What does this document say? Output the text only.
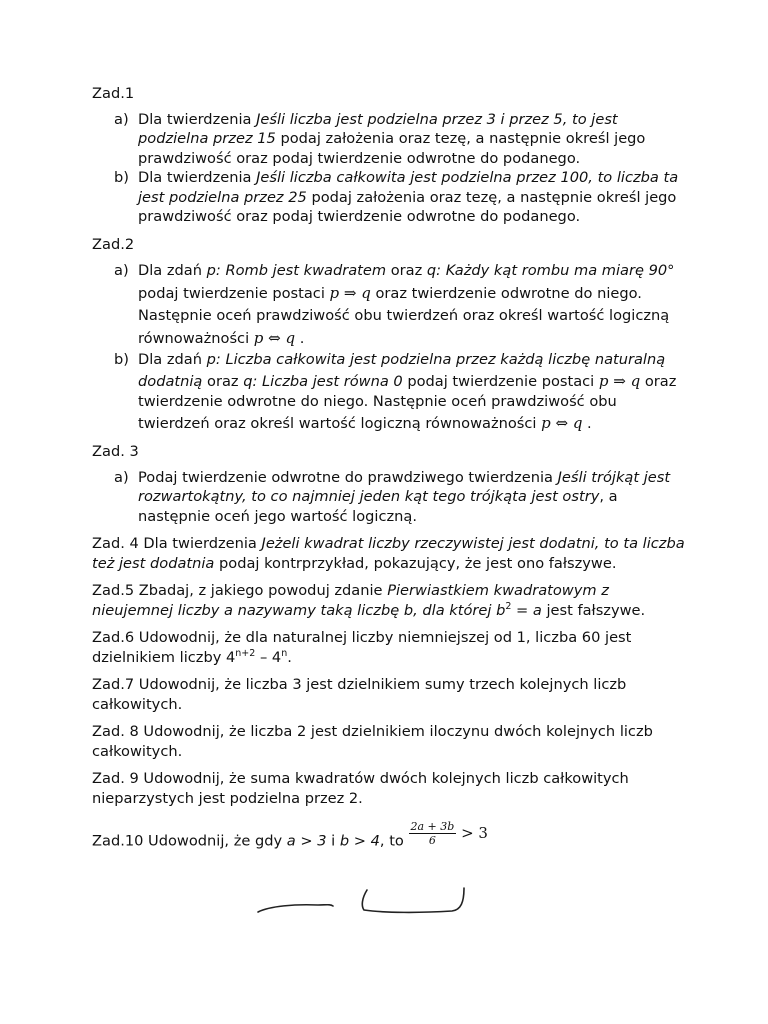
Zad.1

a) Dla twierdzenia Jeśli liczba jest podzielna przez 3 i przez 5, to jest podzielna przez 15 podaj założenia oraz tezę, a następnie określ jego prawdziwość oraz podaj twierdzenie odwrotne do podanego.

b) Dla twierdzenia Jeśli liczba całkowita jest podzielna przez 100, to liczba ta jest podzielna przez 25 podaj założenia oraz tezę, a następnie określ jego prawdziwość oraz podaj twierdzenie odwrotne do podanego.

Zad.2

a) Dla zdań p: Romb jest kwadratem oraz q: Każdy kąt rombu ma miarę 90° podaj twierdzenie postaci p ⇒ q oraz twierdzenie odwrotne do niego. Następnie oceń prawdziwość obu twierdzeń oraz określ wartość logiczną równoważności p ⇔ q .

b) Dla zdań p: Liczba całkowita jest podzielna przez każdą liczbę naturalną dodatnią oraz q: Liczba jest równa 0 podaj twierdzenie postaci p ⇒ q oraz twierdzenie odwrotne do niego. Następnie oceń prawdziwość obu twierdzeń oraz określ wartość logiczną równoważności p ⇔ q .

Zad. 3

a) Podaj twierdzenie odwrotne do prawdziwego twierdzenia Jeśli trójkąt jest rozwartokątny, to co najmniej jeden kąt tego trójkąta jest ostry, a następnie oceń jego wartość logiczną.

Zad. 4 Dla twierdzenia Jeżeli kwadrat liczby rzeczywistej jest dodatni, to ta liczba też jest dodatnia podaj kontrprzykład, pokazujący, że jest ono fałszywe.

Zad.5 Zbadaj, z jakiego powoduj zdanie Pierwiastkiem kwadratowym z nieujemnej liczby a nazywamy taką liczbę b, dla której $b^2 = a$ jest fałszywe.

Zad.6 Udowodnij, że dla naturalnej liczby niemniejszej od 1, liczba 60 jest dzielnikiem liczby $4^{n+2} - 4^n$.

Zad.7 Udowodnij, że liczba 3 jest dzielnikiem sumy trzech kolejnych liczb całkowitych.

Zad. 8 Udowodnij, że liczba 2 jest dzielnikiem iloczynu dwóch kolejnych liczb całkowitych.

Zad. 9 Udowodnij, że suma kwadratów dwóch kolejnych liczb całkowitych nieparzystych jest podzielna przez 2.

Zad.10 Udowodnij, że gdy a > 3 i b > 4, to $\frac{2a + 3b}{6} > 3$
